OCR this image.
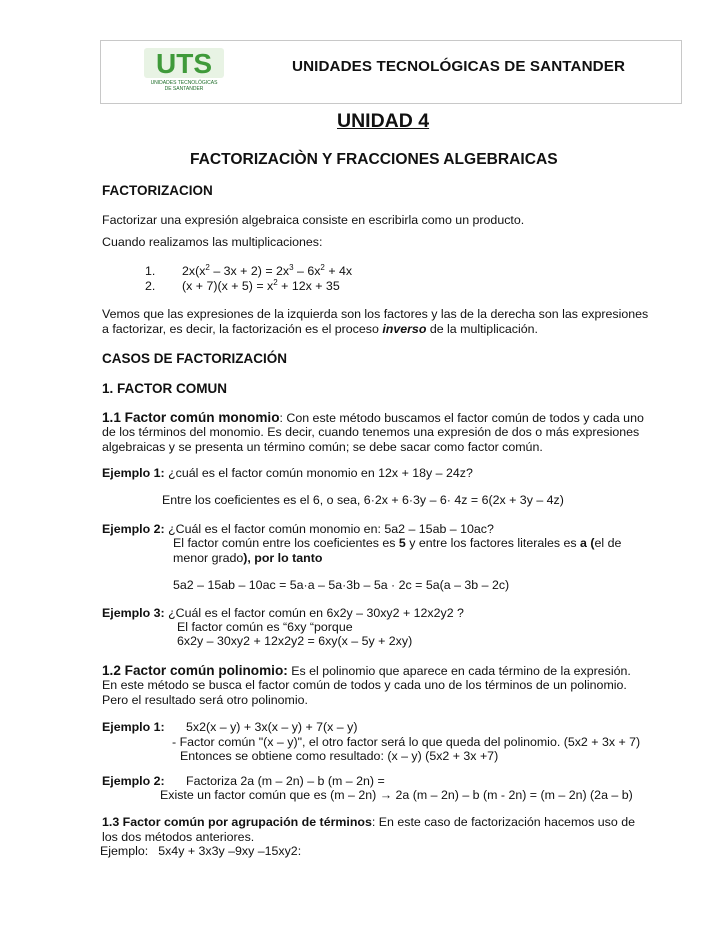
UTS
UNIDADES TECNOLÓGICAS
DE SANTANDER
UNIDADES TECNOLÓGICAS DE SANTANDER
UNIDAD 4
FACTORIZACIÒN Y FRACCIONES ALGEBRAICAS
FACTORIZACION
Factorizar una expresión algebraica consiste en escribirla como un producto.
Cuando realizamos las multiplicaciones:
1. $2x(x^2 - 3x + 2) = 2x^3 - 6x^2 + 4x$
2. $(x + 7)(x + 5) = x^2 + 12x + 35$
Vemos que las expresiones de la izquierda son los factores y las de la derecha son las expresiones
a factorizar, es decir, la factorización es el proceso inverso de la multiplicación.
CASOS DE FACTORIZACIÓN
1. FACTOR COMUN
1.1 Factor común monomio: Con este método buscamos el factor común de todos y cada uno
de los términos del monomio. Es decir, cuando tenemos una expresión de dos o más expresiones
algebraicas y se presenta un término común; se debe sacar como factor común.
Ejemplo 1: ¿cuál es el factor común monomio en 12x + 18y – 24z?
Entre los coeficientes es el 6, o sea, 6·2x + 6·3y – 6· 4z = 6(2x + 3y – 4z)
Ejemplo 2: ¿Cuál es el factor común monomio en: 5a2 – 15ab – 10ac?
El factor común entre los coeficientes es 5 y entre los factores literales es a (el de
menor grado), por lo tanto
5a2 – 15ab – 10ac = 5a·a – 5a·3b – 5a · 2c = 5a(a – 3b – 2c)
Ejemplo 3: ¿Cuál es el factor común en 6x2y – 30xy2 + 12x2y2 ?
El factor común es “6xy “porque
6x2y – 30xy2 + 12x2y2 = 6xy(x – 5y + 2xy)
1.2 Factor común polinomio: Es el polinomio que aparece en cada término de la expresión.
En este método se busca el factor común de todos y cada uno de los términos de un polinomio.
Pero el resultado será otro polinomio.
Ejemplo 1: 5x2(x – y) + 3x(x – y) + 7(x – y)
- Factor común "(x – y)", el otro factor será lo que queda del polinomio. (5x2 + 3x + 7)
Entonces se obtiene como resultado: (x – y) (5x2 + 3x +7)
Ejemplo 2: Factoriza 2a (m – 2n) – b (m – 2n) =
Existe un factor común que es (m – 2n) → 2a (m – 2n) – b (m - 2n) = (m – 2n) (2a – b)
1.3 Factor común por agrupación de términos: En este caso de factorización hacemos uso de
los dos métodos anteriores.
Ejemplo: 5x4y + 3x3y –9xy –15xy2:
